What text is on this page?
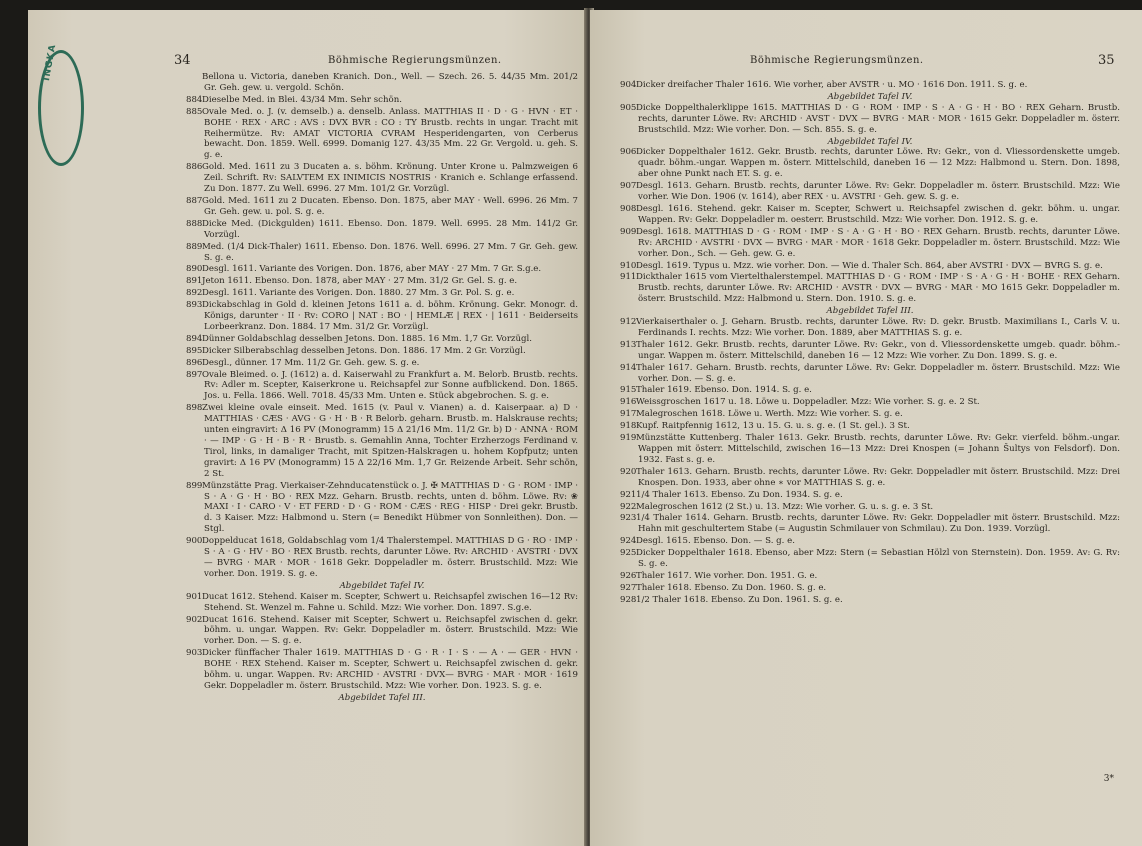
INGKA	34	Böhmische Regierungsmünzen.

Bellona u. Victoria, daneben Kranich. Don., Well. — Szech. 26. 5. 44/35 Mm. 201/2 Gr. Geh. gew. u. vergold. Schön.

884Dieselbe Med. in Blei. 43/34 Mm. Sehr schön.

885Ovale Med. o. J. (v. demselb.) a. denselb. Anlass. MATTHIAS II · D · G · HVN · ET · BOHE · REX · ARC : AVS : DVX BVR : CO : TY Brustb. rechts in ungar. Tracht mit Reihermütze. Rv: AMAT VICTORIA CVRAM Hesperidengarten, von Cerberus bewacht. Don. 1859. Well. 6999. Domanig 127. 43/35 Mm. 22 Gr. Vergold. u. geh. S. g. e.

886Gold. Med. 1611 zu 3 Ducaten a. s. böhm. Krönung. Unter Krone u. Palmzweigen 6 Zeil. Schrift. Rv: SALVTEM EX INIMICIS NOSTRIS · Kranich e. Schlange erfassend. Zu Don. 1877. Zu Well. 6996. 27 Mm. 101/2 Gr. Vorzügl.

887Gold. Med. 1611 zu 2 Ducaten. Ebenso. Don. 1875, aber MAY · Well. 6996. 26 Mm. 7 Gr. Geh. gew. u. pol. S. g. e.

888Dicke Med. (Dickgulden) 1611. Ebenso. Don. 1879. Well. 6995. 28 Mm. 141/2 Gr. Vorzügl.

889Med. (1/4 Dick-Thaler) 1611. Ebenso. Don. 1876. Well. 6996. 27 Mm. 7 Gr. Geh. gew. S. g. e.

890Desgl. 1611. Variante des Vorigen. Don. 1876, aber MAY · 27 Mm. 7 Gr. S.g.e.

891Jeton 1611. Ebenso. Don. 1878, aber MAY · 27 Mm. 31/2 Gr. Gel. S. g. e.

892Desgl. 1611. Variante des Vorigen. Don. 1880. 27 Mm. 3 Gr. Pol. S. g. e.

893Dickabschlag in Gold d. kleinen Jetons 1611 a. d. böhm. Krönung. Gekr. Monogr. d. Königs, darunter · II · Rv: CORO | NAT : BO · | HEMLÆ | REX · | 1611 · Beiderseits Lorbeerkranz. Don. 1884. 17 Mm. 31/2 Gr. Vorzügl.

894Dünner Goldabschlag desselben Jetons. Don. 1885. 16 Mm. 1,7 Gr. Vorzügl.

895Dicker Silberabschlag desselben Jetons. Don. 1886. 17 Mm. 2 Gr. Vorzügl.

896Desgl., dünner. 17 Mm. 11/2 Gr. Geh. gew. S. g. e.

897Ovale Bleimed. o. J. (1612) a. d. Kaiserwahl zu Frankfurt a. M. Belorb. Brustb. rechts. Rv: Adler m. Scepter, Kaiserkrone u. Reichsapfel zur Sonne aufblickend. Don. 1865. Jos. u. Fella. 1866. Well. 7018. 45/33 Mm. Unten e. Stück abgebrochen. S. g. e.

898Zwei kleine ovale einseit. Med. 1615 (v. Paul v. Vianen) a. d. Kaiserpaar. a) D · MATTHIAS · CÆS · AVG · G · H · B · R Belorb. geharn. Brustb. m. Halskrause rechts; unten eingravirt: Δ 16 PV (Monogramm) 15 Δ 21/16 Mm. 11/2 Gr. b) D · ANNA · ROM · — IMP · G · H · B · R · Brustb. s. Gemahlin Anna, Tochter Erzherzogs Ferdinand v. Tirol, links, in damaliger Tracht, mit Spitzen-Halskragen u. hohem Kopfputz; unten gravirt: Δ 16 PV (Monogramm) 15 Δ 22/16 Mm. 1,7 Gr. Reizende Arbeit. Sehr schön, 2 St.

899Münzstätte Prag. Vierkaiser-Zehnducatenstück o. J. ✠ MATTHIAS D · G · ROM · IMP · S · A · G · H · BO · REX Mzz. Geharn. Brustb. rechts, unten d. böhm. Löwe. Rv: ❀ MAXI · I · CARO · V · ET FERD · D · G · ROM · CÆS · REG · HISP · Drei gekr. Brustb. d. 3 Kaiser. Mzz: Halbmond u. Stern (= Benedikt Hübmer von Sonnleithen). Don. — Stgl.

900Doppelducat 1618, Goldabschlag vom 1/4 Thalerstempel. MATTHIAS D G · RO · IMP · S · A · G · HV · BO · REX Brustb. rechts, darunter Löwe. Rv: ARCHID · AVSTRI · DVX — BVRG · MAR · MOR · 1618 Gekr. Doppeladler m. österr. Brustschild. Mzz: Wie vorher. Don. 1919. S. g. e.

Abgebildet Tafel IV.

901Ducat 1612. Stehend. Kaiser m. Scepter, Schwert u. Reichsapfel zwischen 16—12 Rv: Stehend. St. Wenzel m. Fahne u. Schild. Mzz: Wie vorher. Don. 1897. S.g.e.

902Ducat 1616. Stehend. Kaiser mit Scepter, Schwert u. Reichsapfel zwischen d. gekr. böhm. u. ungar. Wappen. Rv: Gekr. Doppeladler m. österr. Brustschild. Mzz: Wie vorher. Don. — S. g. e.

903Dicker fünffacher Thaler 1619. MATTHIAS D · G · R · I · S · — A · — GER · HVN · BOHE · REX Stehend. Kaiser m. Scepter, Schwert u. Reichsapfel zwischen d. gekr. böhm. u. ungar. Wappen. Rv: ARCHID · AVSTRI · DVX— BVRG · MAR · MOR · 1619 Gekr. Doppeladler m. österr. Brustschild. Mzz: Wie vorher. Don. 1923. S. g. e.

Abgebildet Tafel III.

Böhmische Regierungsmünzen.	35

904Dicker dreifacher Thaler 1616. Wie vorher, aber AVSTR · u. MO · 1616 Don. 1911. S. g. e.

Abgebildet Tafel IV.

905Dicke Doppelthalerklippe 1615. MATTHIAS D · G · ROM · IMP · S · A · G · H · BO · REX Geharn. Brustb. rechts, darunter Löwe. Rv: ARCHID · AVST · DVX — BVRG · MAR · MOR · 1615 Gekr. Doppeladler m. österr. Brustschild. Mzz: Wie vorher. Don. — Sch. 855. S. g. e.

Abgebildet Tafel IV.

906Dicker Doppelthaler 1612. Gekr. Brustb. rechts, darunter Löwe. Rv: Gekr., von d. Vliessordenskette umgeb. quadr. böhm.-ungar. Wappen m. österr. Mittelschild, daneben 16 — 12 Mzz: Halbmond u. Stern. Don. 1898, aber ohne Punkt nach ET. S. g. e.

907Desgl. 1613. Geharn. Brustb. rechts, darunter Löwe. Rv: Gekr. Doppeladler m. österr. Brustschild. Mzz: Wie vorher. Wie Don. 1906 (v. 1614), aber REX · u. AVSTRI · Geh. gew. S. g. e.

908Desgl. 1616. Stehend. gekr. Kaiser m. Scepter, Schwert u. Reichsapfel zwischen d. gekr. böhm. u. ungar. Wappen. Rv: Gekr. Doppeladler m. oesterr. Brustschild. Mzz: Wie vorher. Don. 1912. S. g. e.

909Desgl. 1618. MATTHIAS D · G · ROM · IMP · S · A · G · H · BO · REX Geharn. Brustb. rechts, darunter Löwe. Rv: ARCHID · AVSTRI · DVX — BVRG · MAR · MOR · 1618 Gekr. Doppeladler m. österr. Brustschild. Mzz: Wie vorher. Don., Sch. — Geh. gew. G. e.

910Desgl. 1619. Typus u. Mzz. wie vorher. Don. — Wie d. Thaler Sch. 864, aber AVSTRI · DVX — BVRG S. g. e.

911Dickthaler 1615 vom Viertelthalerstempel. MATTHIAS D · G · ROM · IMP · S · A · G · H · BOHE · REX Geharn. Brustb. rechts, darunter Löwe. Rv: ARCHID · AVSTR · DVX — BVRG · MAR · MO 1615 Gekr. Doppeladler m. österr. Brustschild. Mzz: Halbmond u. Stern. Don. 1910. S. g. e.

Abgebildet Tafel III.

912Vierkaiserthaler o. J. Geharn. Brustb. rechts, darunter Löwe. Rv: D. gekr. Brustb. Maximilians I., Carls V. u. Ferdinands I. rechts. Mzz: Wie vorher. Don. 1889, aber MATTHIAS S. g. e.

913Thaler 1612. Gekr. Brustb. rechts, darunter Löwe. Rv: Gekr., von d. Vliessordenskette umgeb. quadr. böhm.-ungar. Wappen m. österr. Mittelschild, daneben 16 — 12 Mzz: Wie vorher. Zu Don. 1899. S. g. e.

914Thaler 1617. Geharn. Brustb. rechts, darunter Löwe. Rv: Gekr. Doppeladler m. österr. Brustschild. Mzz: Wie vorher. Don. — S. g. e.

915Thaler 1619. Ebenso. Don. 1914. S. g. e.

916Weissgroschen 1617 u. 18. Löwe u. Doppeladler. Mzz: Wie vorher. S. g. e. 2 St.

917Malegroschen 1618. Löwe u. Werth. Mzz: Wie vorher. S. g. e.

918Kupf. Raitpfennig 1612, 13 u. 15. G. u. s. g. e. (1 St. gel.). 3 St.

919Münzstätte Kuttenberg. Thaler 1613. Gekr. Brustb. rechts, darunter Löwe. Rv: Gekr. vierfeld. böhm.-ungar. Wappen mit österr. Mittelschild, zwischen 16—13 Mzz: Drei Knospen (= Johann Šultys von Felsdorf). Don. 1932. Fast s. g. e.

920Thaler 1613. Geharn. Brustb. rechts, darunter Löwe. Rv: Gekr. Doppeladler mit österr. Brustschild. Mzz: Drei Knospen. Don. 1933, aber ohne ∗ vor MATTHIAS S. g. e.

9211/4 Thaler 1613. Ebenso. Zu Don. 1934. S. g. e.

922Malegroschen 1612 (2 St.) u. 13. Mzz: Wie vorher. G. u. s. g. e. 3 St.

9231/4 Thaler 1614. Geharn. Brustb. rechts, darunter Löwe. Rv: Gekr. Doppeladler mit österr. Brustschild. Mzz: Hahn mit geschultertem Stabe (= Augustin Schmilauer von Schmilau). Zu Don. 1939. Vorzügl.

924Desgl. 1615. Ebenso. Don. — S. g. e.

925Dicker Doppelthaler 1618. Ebenso, aber Mzz: Stern (= Sebastian Hölzl von Sternstein). Don. 1959. Av: G. Rv: S. g. e.

926Thaler 1617. Wie vorher. Don. 1951. G. e.

927Thaler 1618. Ebenso. Zu Don. 1960. S. g. e.

9281/2 Thaler 1618. Ebenso. Zu Don. 1961. S. g. e.

3*
